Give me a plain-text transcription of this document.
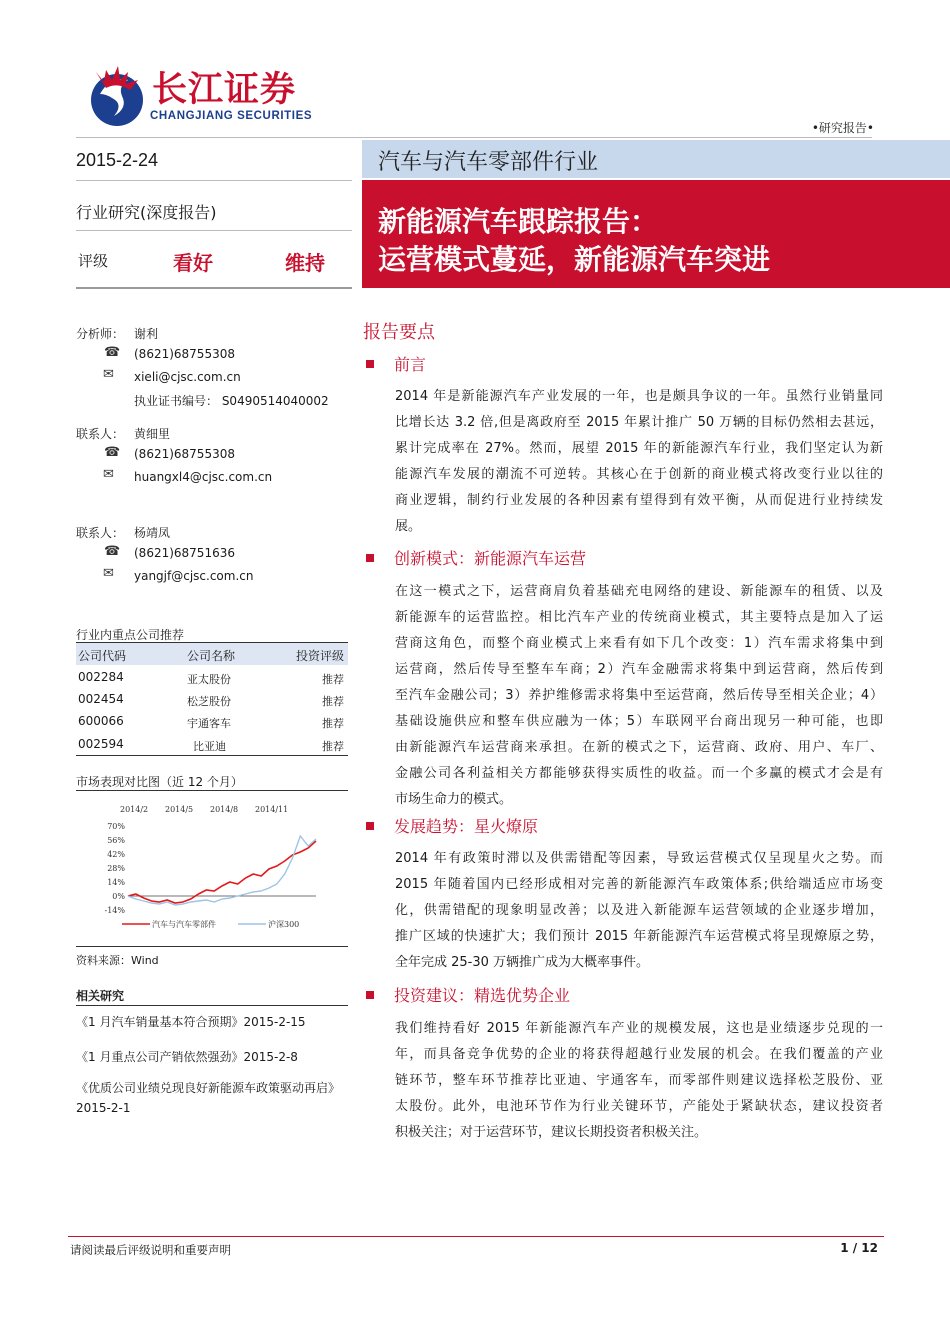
长江证券
CHANGJIANG SECURITIES
•研究报告•
2015-2-24
行业研究(深度报告)
评级	看好	维持
汽车与汽车零部件行业
新能源汽车跟踪报告：
运营模式蔓延，新能源汽车突进
分析师： 谢利
☎ (8621)68755308
✉ xieli@cjsc.com.cn
执业证书编号： S0490514040002
联系人： 黄细里
☎ (8621)68755308
✉ huangxl4@cjsc.com.cn
联系人： 杨靖凤
☎ (8621)68751636
✉ yangjf@cjsc.com.cn
行业内重点公司推荐
公司代码	公司名称	投资评级
002284	亚太股份	推荐
002454	松芝股份	推荐
600066	宇通客车	推荐
002594	比亚迪	推荐
市场表现对比图（近 12 个月）
70%
56%
42%
28%
14%
0%
-14%
2014/2 2014/5 2014/8 2014/11
汽车与汽车零部件	沪深300
资料来源：Wind
相关研究
《1 月汽车销量基本符合预期》2015-2-15
《1 月重点公司产销依然强劲》2015-2-8
《优质公司业绩兑现良好新能源车政策驱动再启》2015-2-1
报告要点
前言
2014 年是新能源汽车产业发展的一年，也是颇具争议的一年。虽然行业销量同
比增长达 3.2 倍,但是离政府至 2015 年累计推广 50 万辆的目标仍然相去甚远，
累计完成率在 27%。然而，展望 2015 年的新能源汽车行业，我们坚定认为新
能源汽车发展的潮流不可逆转。其核心在于创新的商业模式将改变行业以往的
商业逻辑，制约行业发展的各种因素有望得到有效平衡，从而促进行业持续发
展。
创新模式：新能源汽车运营
在这一模式之下，运营商肩负着基础充电网络的建设、新能源车的租赁、以及
新能源车的运营监控。相比汽车产业的传统商业模式，其主要特点是加入了运
营商这角色，而整个商业模式上来看有如下几个改变：1）汽车需求将集中到
运营商，然后传导至整车车商；2）汽车金融需求将集中到运营商，然后传到
至汽车金融公司；3）养护维修需求将集中至运营商，然后传导至相关企业；4）
基础设施供应和整车供应融为一体；5）车联网平台商出现另一种可能，也即
由新能源汽车运营商来承担。在新的模式之下，运营商、政府、用户、车厂、
金融公司各利益相关方都能够获得实质性的收益。而一个多赢的模式才会是有
市场生命力的模式。
发展趋势：星火燎原
2014 年有政策时滞以及供需错配等因素，导致运营模式仅呈现星火之势。而
2015 年随着国内已经形成相对完善的新能源汽车政策体系;供给端适应市场变
化，供需错配的现象明显改善；以及进入新能源车运营领域的企业逐步增加，
推广区域的快速扩大；我们预计 2015 年新能源汽车运营模式将呈现燎原之势，
全年完成 25-30 万辆推广成为大概率事件。
投资建议：精选优势企业
我们维持看好 2015 年新能源汽车产业的规模发展，这也是业绩逐步兑现的一
年，而具备竞争优势的企业的将获得超越行业发展的机会。在我们覆盖的产业
链环节，整车环节推荐比亚迪、宇通客车，而零部件则建议选择松芝股份、亚
太股份。此外，电池环节作为行业关键环节，产能处于紧缺状态，建议投资者
积极关注；对于运营环节，建议长期投资者积极关注。
请阅读最后评级说明和重要声明	1 / 12
